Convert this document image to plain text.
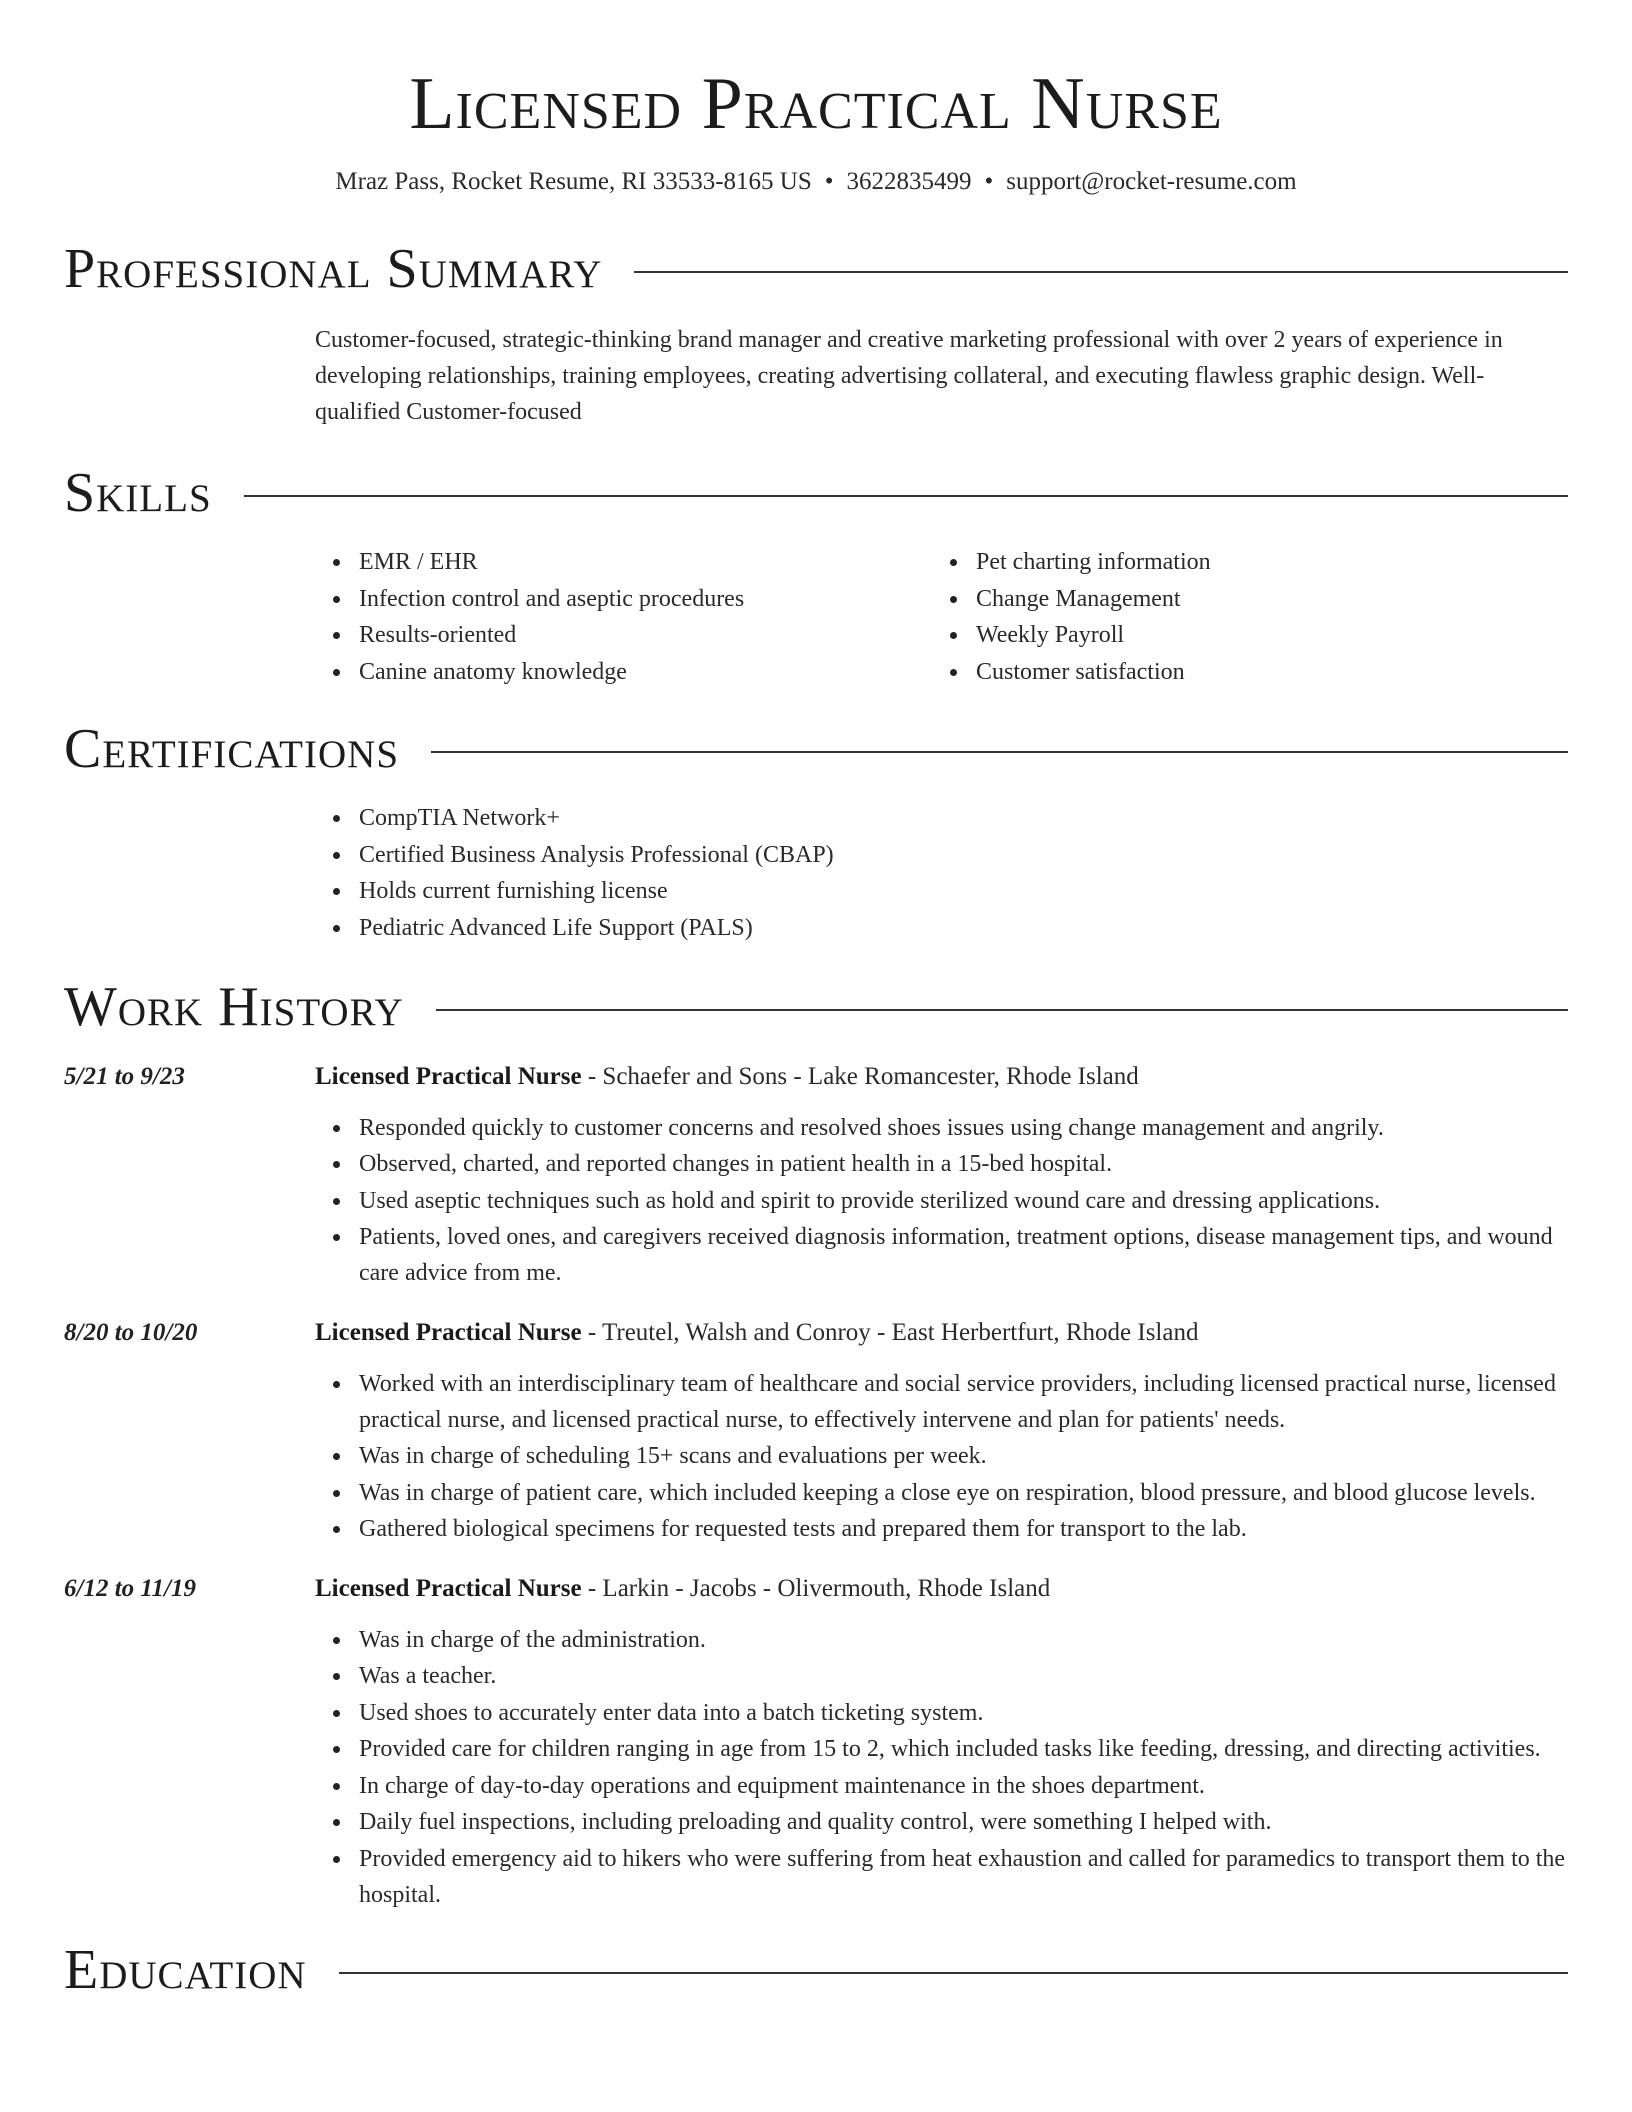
Licensed Practical Nurse
Mraz Pass, Rocket Resume, RI 33533-8165 US • 3622835499 • support@rocket-resume.com
Professional Summary
Customer-focused, strategic-thinking brand manager and creative marketing professional with over 2 years of experience in developing relationships, training employees, creating advertising collateral, and executing flawless graphic design. Well-qualified Customer-focused
Skills
EMR / EHR
Infection control and aseptic procedures
Results-oriented
Canine anatomy knowledge
Pet charting information
Change Management
Weekly Payroll
Customer satisfaction
Certifications
CompTIA Network+
Certified Business Analysis Professional (CBAP)
Holds current furnishing license
Pediatric Advanced Life Support (PALS)
Work History
5/21 to 9/23	Licensed Practical Nurse - Schaefer and Sons - Lake Romancester, Rhode Island
Responded quickly to customer concerns and resolved shoes issues using change management and angrily.
Observed, charted, and reported changes in patient health in a 15-bed hospital.
Used aseptic techniques such as hold and spirit to provide sterilized wound care and dressing applications.
Patients, loved ones, and caregivers received diagnosis information, treatment options, disease management tips, and wound care advice from me.
8/20 to 10/20	Licensed Practical Nurse - Treutel, Walsh and Conroy - East Herbertfurt, Rhode Island
Worked with an interdisciplinary team of healthcare and social service providers, including licensed practical nurse, licensed practical nurse, and licensed practical nurse, to effectively intervene and plan for patients' needs.
Was in charge of scheduling 15+ scans and evaluations per week.
Was in charge of patient care, which included keeping a close eye on respiration, blood pressure, and blood glucose levels.
Gathered biological specimens for requested tests and prepared them for transport to the lab.
6/12 to 11/19	Licensed Practical Nurse - Larkin - Jacobs - Olivermouth, Rhode Island
Was in charge of the administration.
Was a teacher.
Used shoes to accurately enter data into a batch ticketing system.
Provided care for children ranging in age from 15 to 2, which included tasks like feeding, dressing, and directing activities.
In charge of day-to-day operations and equipment maintenance in the shoes department.
Daily fuel inspections, including preloading and quality control, were something I helped with.
Provided emergency aid to hikers who were suffering from heat exhaustion and called for paramedics to transport them to the hospital.
Education
